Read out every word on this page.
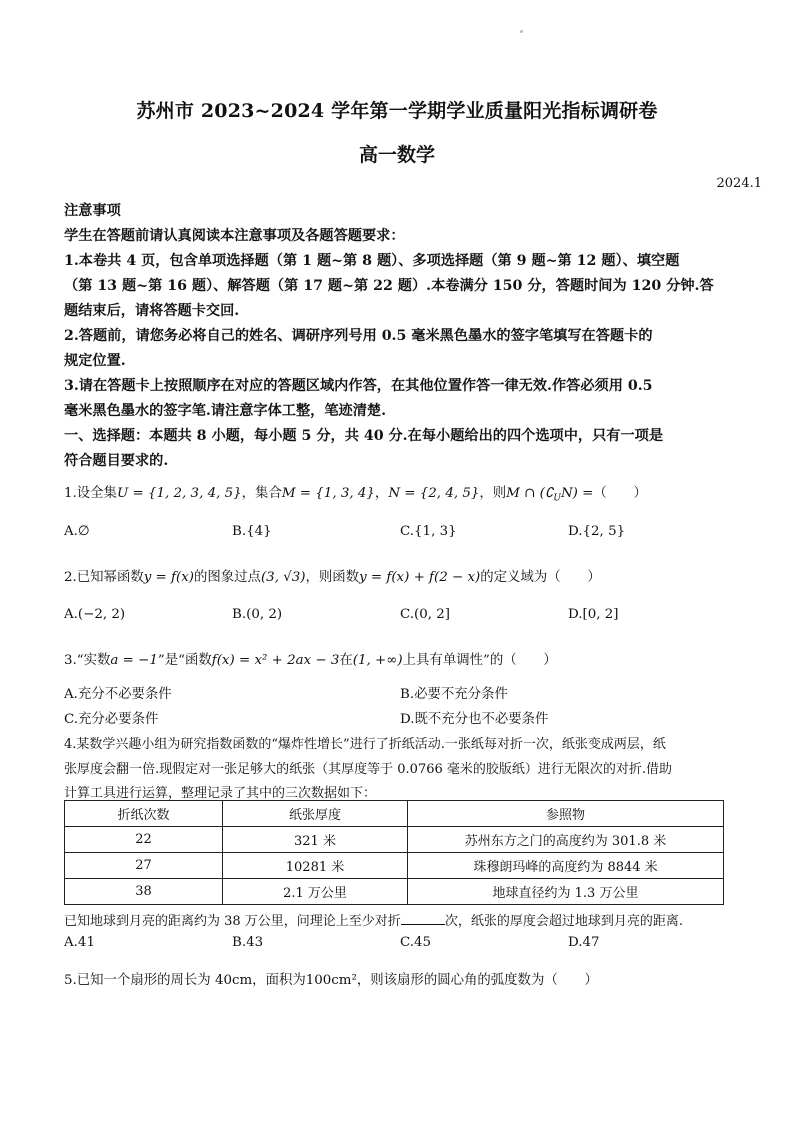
苏州市 2023~2024 学年第一学期学业质量阳光指标调研卷
高一数学
2024.1
注意事项
学生在答题前请认真阅读本注意事项及各题答题要求：
1.本卷共 4 页，包含单项选择题（第 1 题~第 8 题）、多项选择题（第 9 题~第 12 题）、填空题
（第 13 题~第 16 题）、解答题（第 17 题~第 22 题）.本卷满分 150 分，答题时间为 120 分钟.答
题结束后，请将答题卡交回.
2.答题前，请您务必将自己的姓名、调研序列号用 0.5 毫米黑色墨水的签字笔填写在答题卡的
规定位置.
3.请在答题卡上按照顺序在对应的答题区域内作答，在其他位置作答一律无效.作答必须用 0.5
毫米黑色墨水的签字笔.请注意字体工整，笔迹清楚.
一、选择题：本题共 8 小题，每小题 5 分，共 40 分.在每小题给出的四个选项中，只有一项是
符合题目要求的.
1.设全集U = {1, 2, 3, 4, 5}，集合M = {1, 3, 4}，N = {2, 4, 5}，则M ∩ $(∁_UN)$ =（　　）
A.∅	B.{4}	C.{1, 3}	D.{2, 5}
2.已知幂函数y = f(x)的图象过点(3, √3)，则函数y = f(x) + f(2 − x)的定义域为（　　）
A.(−2, 2)	B.(0, 2)	C.(0, 2]	D.[0, 2]
3.“实数a = −1”是“函数f(x) = x² + 2ax − 3在(1, +∞)上具有单调性”的（　　）
A.充分不必要条件	B.必要不充分条件
C.充分必要条件	D.既不充分也不必要条件
4.某数学兴趣小组为研究指数函数的“爆炸性增长”进行了折纸活动.一张纸每对折一次，纸张变成两层，纸
张厚度会翻一倍.现假定对一张足够大的纸张（其厚度等于 0.0766 毫米的胶版纸）进行无限次的对折.借助
计算工具进行运算，整理记录了其中的三次数据如下：
折纸次数	纸张厚度	参照物
22	321 米	苏州东方之门的高度约为 301.8 米
27	10281 米	珠穆朗玛峰的高度约为 8844 米
38	2.1 万公里	地球直径约为 1.3 万公里
已知地球到月亮的距离约为 38 万公里，问理论上至少对折	次，纸张的厚度会超过地球到月亮的距离.
A.41	B.43	C.45	D.47
5.已知一个扇形的周长为 40cm，面积为100cm²，则该扇形的圆心角的弧度数为（　　）
